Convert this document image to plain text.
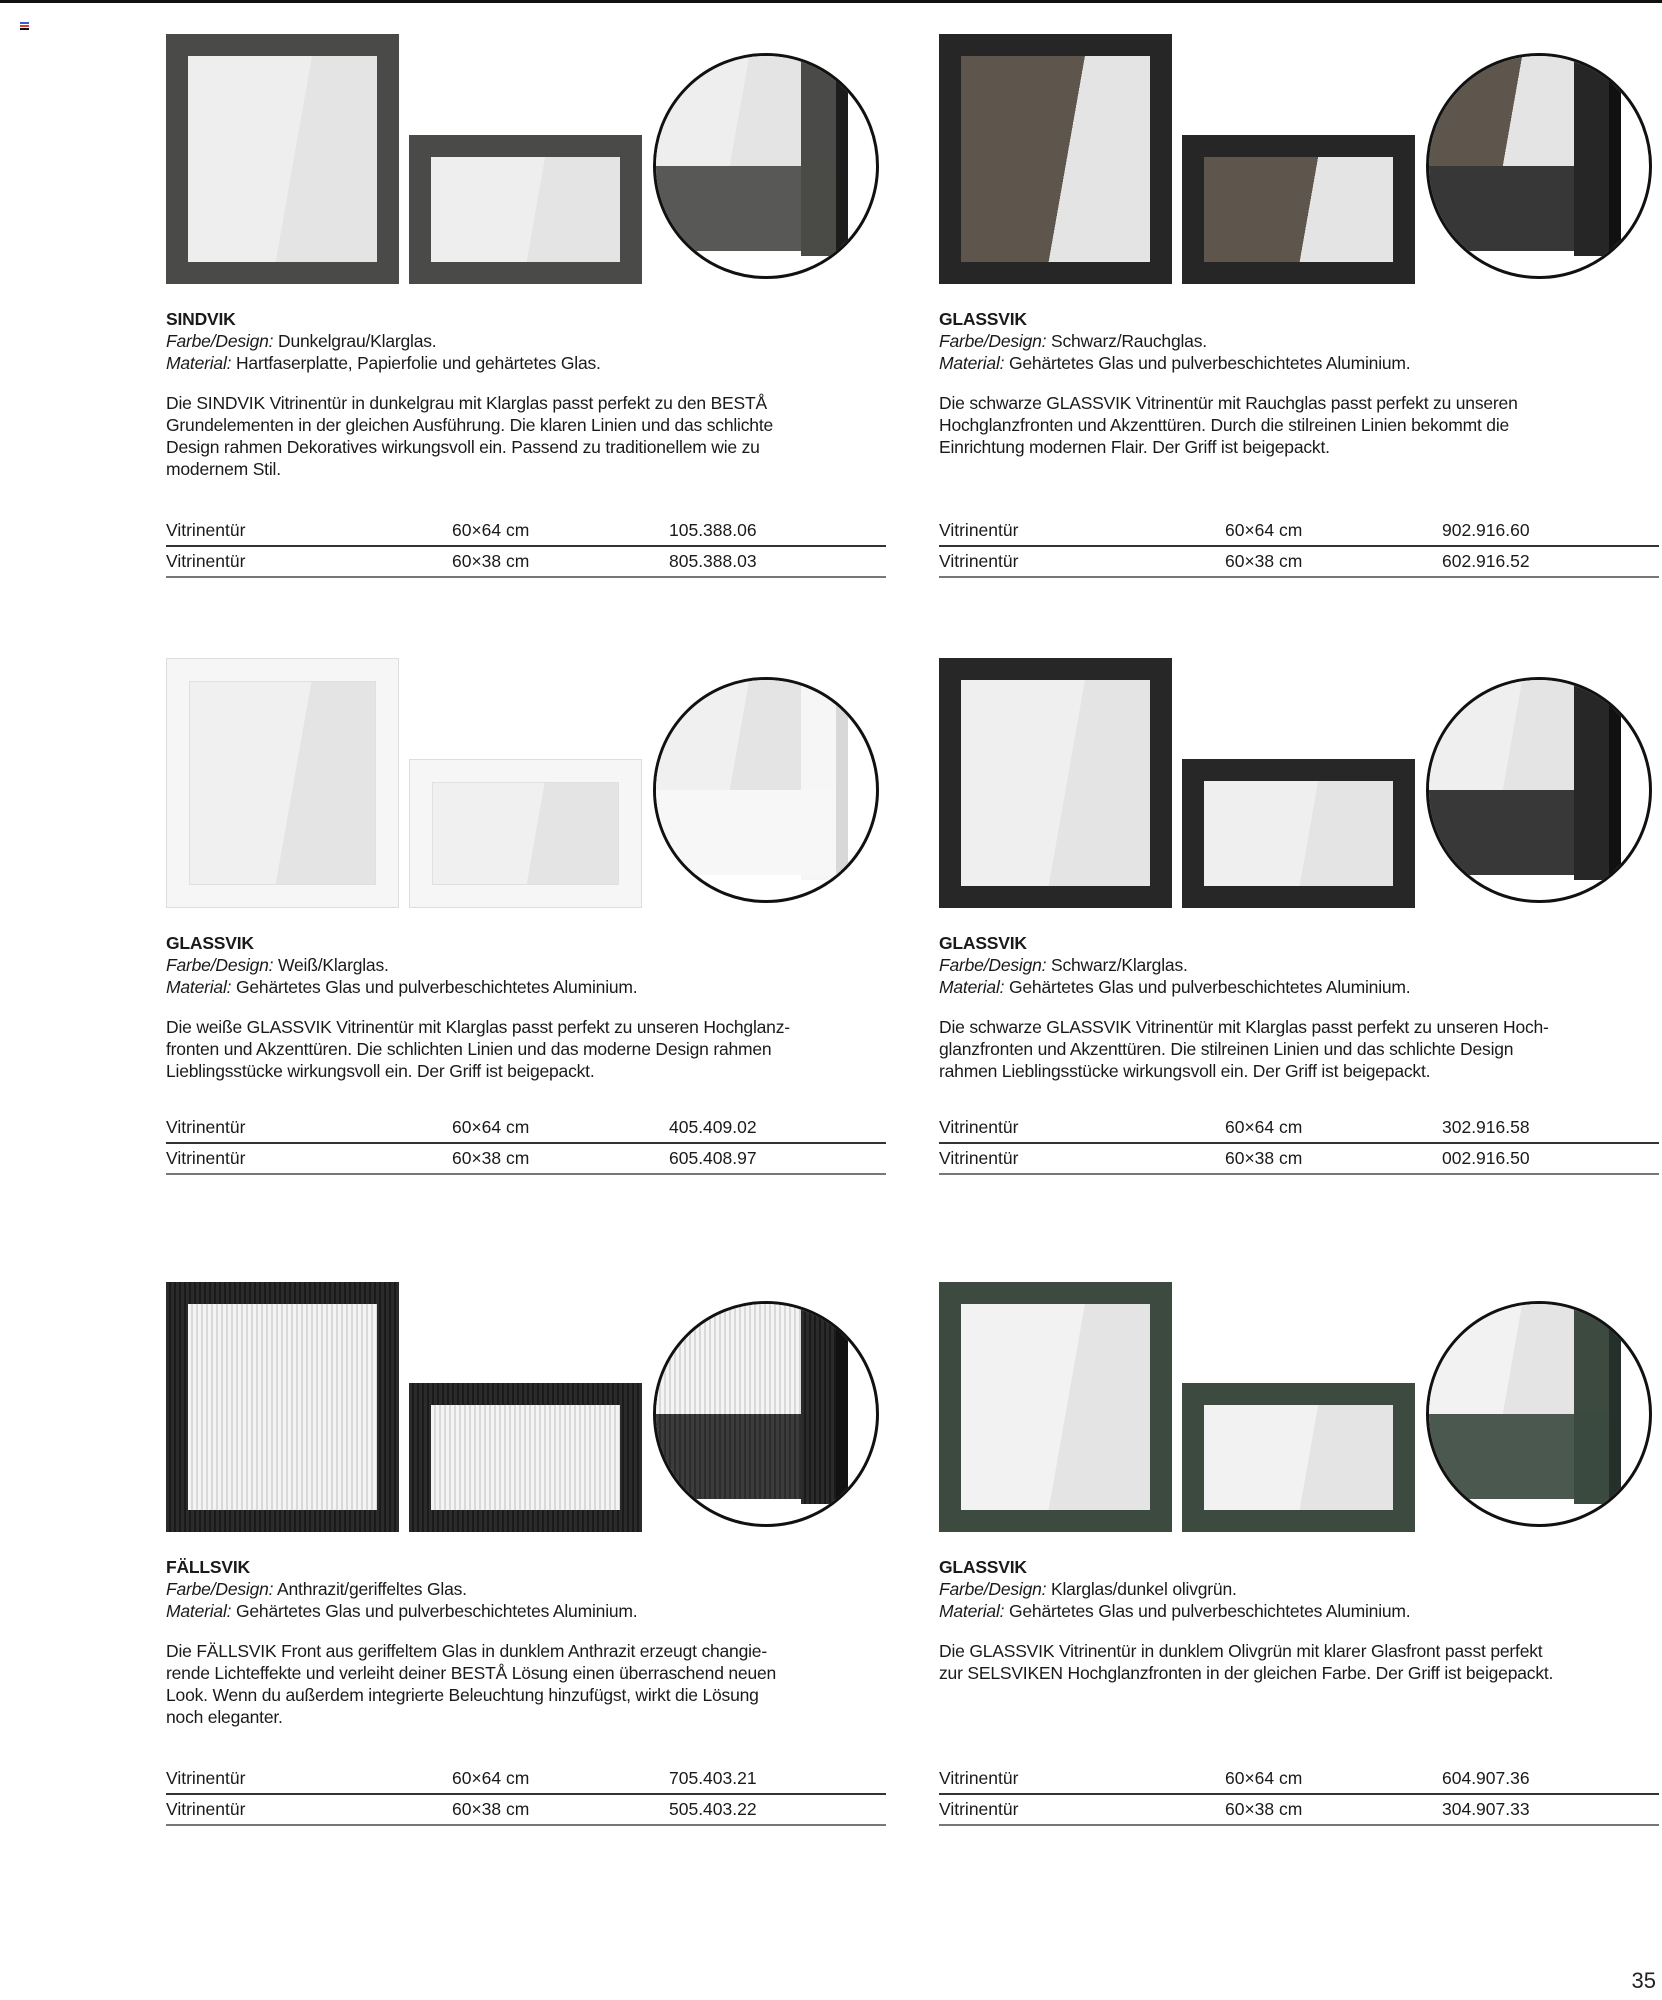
SINDVIK
Farbe/Design: Dunkelgrau/Klarglas.
Material: Hartfaserplatte, Papierfolie und gehärtetes Glas.
Die SINDVIK Vitrinentür in dunkelgrau mit Klarglas passt perfekt zu den BESTÅ
Grundelementen in der gleichen Ausführung. Die klaren Linien und das schlichte
Design rahmen Dekoratives wirkungsvoll ein. Passend zu traditionellem wie zu
modernem Stil.
Vitrinentür	60×64 cm	105.388.06
Vitrinentür	60×38 cm	805.388.03
GLASSVIK
Farbe/Design: Schwarz/Rauchglas.
Material: Gehärtetes Glas und pulverbeschichtetes Aluminium.
Die schwarze GLASSVIK Vitrinentür mit Rauchglas passt perfekt zu unseren
Hochglanzfronten und Akzenttüren. Durch die stilreinen Linien bekommt die
Einrichtung modernen Flair. Der Griff ist beigepackt.
Vitrinentür	60×64 cm	902.916.60
Vitrinentür	60×38 cm	602.916.52
GLASSVIK
Farbe/Design: Weiß/Klarglas.
Material: Gehärtetes Glas und pulverbeschichtetes Aluminium.
Die weiße GLASSVIK Vitrinentür mit Klarglas passt perfekt zu unseren Hochglanz-
fronten und Akzenttüren. Die schlichten Linien und das moderne Design rahmen
Lieblingsstücke wirkungsvoll ein. Der Griff ist beigepackt.
Vitrinentür	60×64 cm	405.409.02
Vitrinentür	60×38 cm	605.408.97
GLASSVIK
Farbe/Design: Schwarz/Klarglas.
Material: Gehärtetes Glas und pulverbeschichtetes Aluminium.
Die schwarze GLASSVIK Vitrinentür mit Klarglas passt perfekt zu unseren Hoch-
glanzfronten und Akzenttüren. Die stilreinen Linien und das schlichte Design
rahmen Lieblingsstücke wirkungsvoll ein. Der Griff ist beigepackt.
Vitrinentür	60×64 cm	302.916.58
Vitrinentür	60×38 cm	002.916.50
FÄLLSVIK
Farbe/Design: Anthrazit/geriffeltes Glas.
Material: Gehärtetes Glas und pulverbeschichtetes Aluminium.
Die FÄLLSVIK Front aus geriffeltem Glas in dunklem Anthrazit erzeugt changie-
rende Lichteffekte und verleiht deiner BESTÅ Lösung einen überraschend neuen
Look. Wenn du außerdem integrierte Beleuchtung hinzufügst, wirkt die Lösung
noch eleganter.
Vitrinentür	60×64 cm	705.403.21
Vitrinentür	60×38 cm	505.403.22
GLASSVIK
Farbe/Design: Klarglas/dunkel olivgrün.
Material: Gehärtetes Glas und pulverbeschichtetes Aluminium.
Die GLASSVIK Vitrinentür in dunklem Olivgrün mit klarer Glasfront passt perfekt
zur SELSVIKEN Hochglanzfronten in der gleichen Farbe. Der Griff ist beigepackt.
Vitrinentür	60×64 cm	604.907.36
Vitrinentür	60×38 cm	304.907.33
35
